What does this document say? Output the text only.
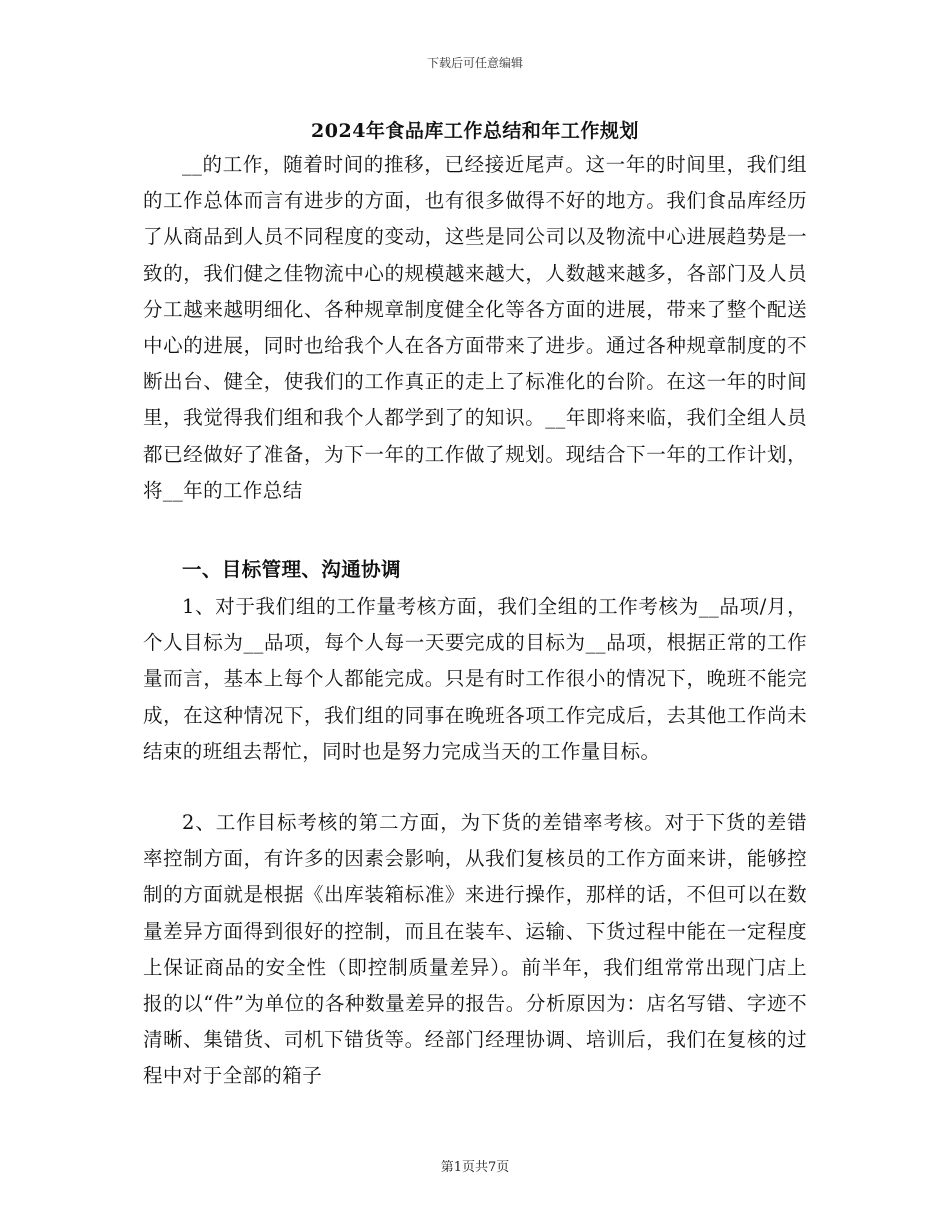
下载后可任意编辑
2024年食品库工作总结和年工作规划

__的工作，随着时间的推移，已经接近尾声。这一年的时间里，我们组的工作总体而言有进步的方面，也有很多做得不好的地方。我们食品库经历了从商品到人员不同程度的变动，这些是同公司以及物流中心进展趋势是一致的，我们健之佳物流中心的规模越来越大，人数越来越多，各部门及人员分工越来越明细化、各种规章制度健全化等各方面的进展，带来了整个配送中心的进展，同时也给我个人在各方面带来了进步。通过各种规章制度的不断出台、健全，使我们的工作真正的走上了标准化的台阶。在这一年的时间里，我觉得我们组和我个人都学到了的知识。__年即将来临，我们全组人员都已经做好了准备，为下一年的工作做了规划。现结合下一年的工作计划，将__年的工作总结

一、目标管理、沟通协调

1、对于我们组的工作量考核方面，我们全组的工作考核为__品项/月，个人目标为__品项，每个人每一天要完成的目标为__品项，根据正常的工作量而言，基本上每个人都能完成。只是有时工作很小的情况下，晚班不能完成，在这种情况下，我们组的同事在晚班各项工作完成后，去其他工作尚未结束的班组去帮忙，同时也是努力完成当天的工作量目标。

2、工作目标考核的第二方面，为下货的差错率考核。对于下货的差错率控制方面，有许多的因素会影响，从我们复核员的工作方面来讲，能够控制的方面就是根据《出库装箱标准》来进行操作，那样的话，不但可以在数量差异方面得到很好的控制，而且在装车、运输、下货过程中能在一定程度上保证商品的安全性（即控制质量差异）。前半年，我们组常常出现门店上报的以“件”为单位的各种数量差异的报告。分析原因为：店名写错、字迹不清晰、集错货、司机下错货等。经部门经理协调、培训后，我们在复核的过程中对于全部的箱子

第1页共7页
